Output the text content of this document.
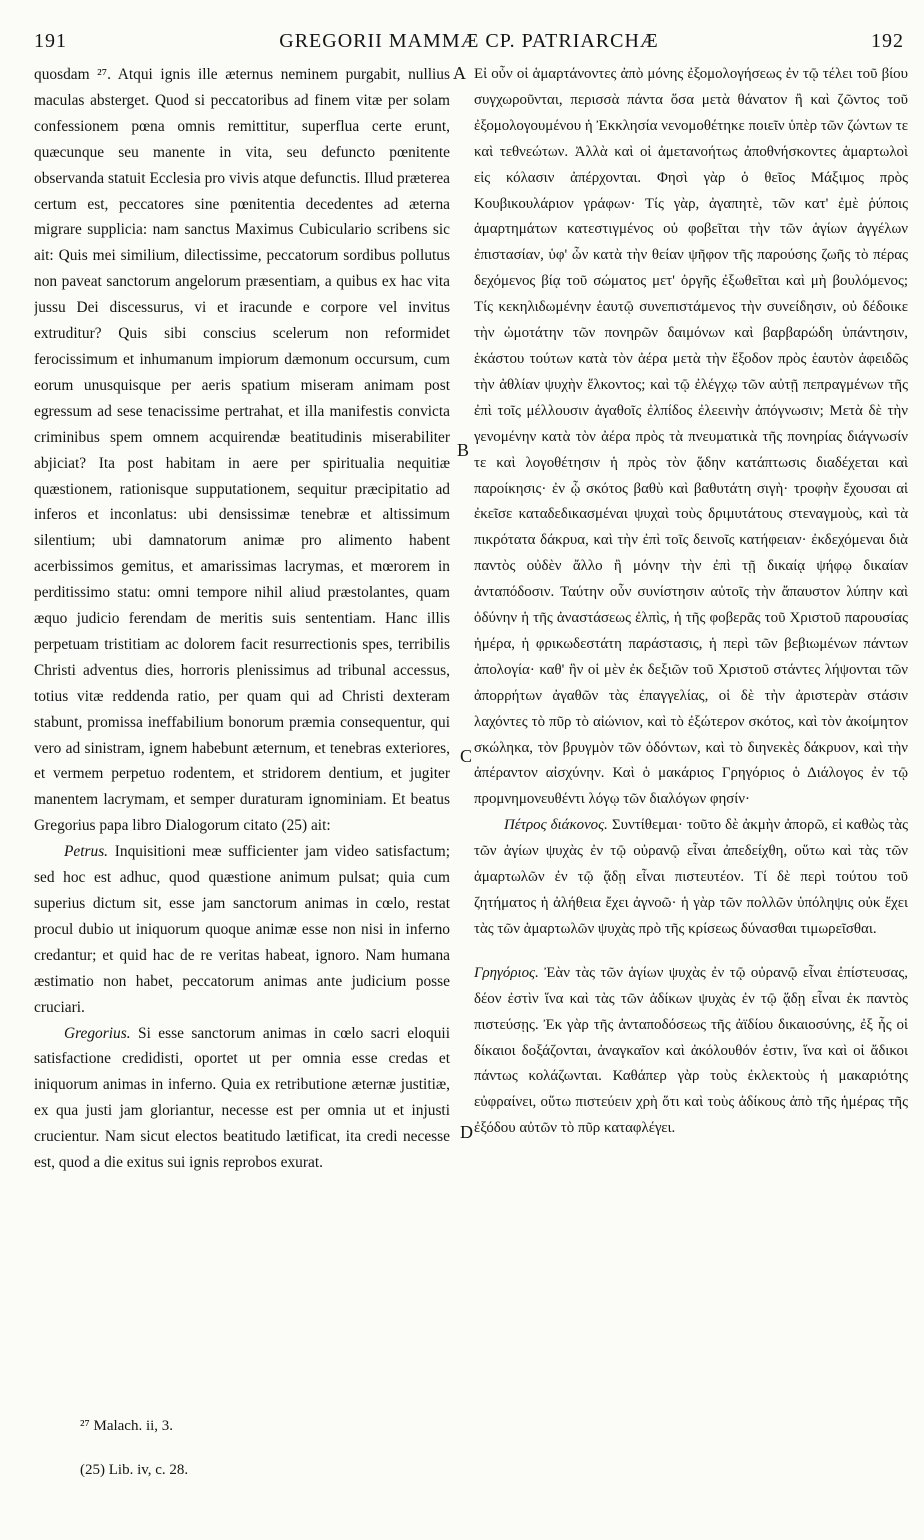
191	GREGORII MAMMÆ CP. PATRIARCHÆ	192

quosdam ²⁷. Atqui ignis ille æternus neminem purgabit, nullius maculas absterget. Quod si peccatoribus ad finem vitæ per solam confessionem pœna omnis remittitur, superflua certe erunt, quæcunque seu manente in vita, seu defuncto pœnitente observanda statuit Ecclesia pro vivis atque defunctis. Illud præterea certum est, peccatores sine pœnitentia decedentes ad æterna migrare supplicia: nam sanctus Maximus Cubiculario scribens sic ait: Quis mei similium, dilectissime, peccatorum sordibus pollutus non paveat sanctorum angelorum præsentiam, a quibus ex hac vita jussu Dei discessurus, vi et iracunde e corpore vel invitus extruditur? Quis sibi conscius scelerum non reformidet ferocissimum et inhumanum impiorum dæmonum occursum, cum eorum unusquisque per aeris spatium miseram animam post egressum ad sese tenacissime pertrahat, et illa manifestis convicta criminibus spem omnem acquirendæ beatitudinis miserabiliter abjiciat? Ita post habitam in aere per spiritualia nequitiæ quæstionem, rationisque supputationem, sequitur præcipitatio ad inferos et inconlatus: ubi densissimæ tenebræ et altissimum silentium; ubi damnatorum animæ pro alimento habent acerbissimos gemitus, et amarissimas lacrymas, et mœrorem in perditissimo statu: omni tempore nihil aliud præstolantes, quam æquo judicio ferendam de meritis suis sententiam. Hanc illis perpetuam tristitiam ac dolorem facit resurrectionis spes, terribilis Christi adventus dies, horroris plenissimus ad tribunal accessus, totius vitæ reddenda ratio, per quam qui ad Christi dexteram stabunt, promissa ineffabilium bonorum præmia consequentur, qui vero ad sinistram, ignem habebunt æternum, et tenebras exteriores, et vermem perpetuo rodentem, et stridorem dentium, et jugiter manentem lacrymam, et semper duraturam ignominiam. Et beatus Gregorius papa libro Dialogorum citato (25) ait:

Petrus. Inquisitioni meæ sufficienter jam video satisfactum; sed hoc est adhuc, quod quæstione animum pulsat; quia cum superius dictum sit, esse jam sanctorum animas in cœlo, restat procul dubio ut iniquorum quoque animæ esse non nisi in inferno credantur; et quid hac de re veritas habeat, ignoro. Nam humana æstimatio non habet, peccatorum animas ante judicium posse cruciari.

Gregorius. Si esse sanctorum animas in cœlo sacri eloquii satisfactione credidisti, oportet ut per omnia esse credas et iniquorum animas in inferno. Quia ex retributione æternæ justitiæ, ex qua justi jam gloriantur, necesse est per omnia ut et injusti crucientur. Nam sicut electos beatitudo lætificat, ita credi necesse est, quod a die exitus sui ignis reprobos exurat.

Εἰ οὖν οἱ ἁμαρτάνοντες ἀπὸ μόνης ἐξομολογήσεως ἐν τῷ τέλει τοῦ βίου συγχωροῦνται, περισσὰ πάντα ὅσα μετὰ θάνατον ἢ καὶ ζῶντος τοῦ ἐξομολογουμένου ἡ Ἐκκλησία νενομοθέτηκε ποιεῖν ὑπὲρ τῶν ζώντων τε καὶ τεθνεώτων. Ἀλλὰ καὶ οἱ ἀμετανοήτως ἀποθνήσκοντες ἁμαρτωλοὶ εἰς κόλασιν ἀπέρχονται. Φησὶ γὰρ ὁ θεῖος Μάξιμος πρὸς Κουβικουλάριον γράφων· Τίς γὰρ, ἀγαπητὲ, τῶν κατ' ἐμὲ ῥύποις ἁμαρτημάτων κατεστιγμένος οὐ φοβεῖται τὴν τῶν ἁγίων ἀγγέλων ἐπιστασίαν, ὑφ' ὧν κατὰ τὴν θείαν ψῆφον τῆς παρούσης ζωῆς τὸ πέρας δεχόμενος βίᾳ τοῦ σώματος μετ' ὀργῆς ἐξωθεῖται καὶ μὴ βουλόμενος; Τίς κεκηλιδωμένην ἑαυτῷ συνεπιστάμενος τὴν συνείδησιν, οὐ δέδοικε τὴν ὠμοτάτην τῶν πονηρῶν δαιμόνων καὶ βαρβαρώδη ὑπάντησιν, ἑκάστου τούτων κατὰ τὸν ἀέρα μετὰ τὴν ἔξοδον πρὸς ἑαυτὸν ἀφειδῶς τὴν ἀθλίαν ψυχὴν ἕλκοντος; καὶ τῷ ἐλέγχῳ τῶν αὐτῇ πεπραγμένων τῆς ἐπὶ τοῖς μέλλουσιν ἀγαθοῖς ἐλπίδος ἐλεεινὴν ἀπόγνωσιν; Μετὰ δὲ τὴν γενομένην κατὰ τὸν ἀέρα πρὸς τὰ πνευματικὰ τῆς πονηρίας διάγνωσίν τε καὶ λογοθέτησιν ἡ πρὸς τὸν ᾅδην κατάπτωσις διαδέχεται καὶ παροίκησις· ἐν ᾧ σκότος βαθὺ καὶ βαθυτάτη σιγὴ· τροφὴν ἔχουσαι αἱ ἐκεῖσε καταδεδικασμέναι ψυχαὶ τοὺς δριμυτάτους στεναγμοὺς, καὶ τὰ πικρότατα δάκρυα, καὶ τὴν ἐπὶ τοῖς δεινοῖς κατήφειαν· ἐκδεχόμεναι διὰ παντὸς οὐδὲν ἄλλο ἢ μόνην τὴν ἐπὶ τῇ δικαίᾳ ψήφῳ δικαίαν ἀνταπόδοσιν. Ταύτην οὖν συνίστησιν αὐτοῖς τὴν ἄπαυστον λύπην καὶ ὀδύνην ἡ τῆς ἀναστάσεως ἐλπὶς, ἡ τῆς φοβερᾶς τοῦ Χριστοῦ παρουσίας ἡμέρα, ἡ φρικωδεστάτη παράστασις, ἡ περὶ τῶν βεβιωμένων πάντων ἀπολογία· καθ' ἣν οἱ μὲν ἐκ δεξιῶν τοῦ Χριστοῦ στάντες λήψονται τῶν ἀπορρήτων ἀγαθῶν τὰς ἐπαγγελίας, οἱ δὲ τὴν ἀριστερὰν στάσιν λαχόντες τὸ πῦρ τὸ αἰώνιον, καὶ τὸ ἐξώτερον σκότος, καὶ τὸν ἀκοίμητον σκώληκα, τὸν βρυγμὸν τῶν ὀδόντων, καὶ τὸ διηνεκὲς δάκρυον, καὶ τὴν ἀπέραντον αἰσχύνην. Καὶ ὁ μακάριος Γρηγόριος ὁ Διάλογος ἐν τῷ προμνημονευθέντι λόγῳ τῶν διαλόγων φησίν·

Πέτρος διάκονος. Συντίθεμαι· τοῦτο δὲ ἀκμὴν ἀπορῶ, εἰ καθὼς τὰς τῶν ἁγίων ψυχὰς ἐν τῷ οὐρανῷ εἶναι ἀπεδείχθη, οὕτω καὶ τὰς τῶν ἁμαρτωλῶν ἐν τῷ ᾅδῃ εἶναι πιστευτέον. Τί δὲ περὶ τούτου τοῦ ζητήματος ἡ ἀλήθεια ἔχει ἀγνοῶ· ἡ γὰρ τῶν πολλῶν ὑπόληψις οὐκ ἔχει τὰς τῶν ἁμαρτωλῶν ψυχὰς πρὸ τῆς κρίσεως δύνασθαι τιμωρεῖσθαι.

Γρηγόριος. Ἐὰν τὰς τῶν ἁγίων ψυχὰς ἐν τῷ οὐρανῷ εἶναι ἐπίστευσας, δέον ἐστὶν ἵνα καὶ τὰς τῶν ἀδίκων ψυχὰς ἐν τῷ ᾅδῃ εἶναι ἐκ παντὸς πιστεύσῃς. Ἐκ γὰρ τῆς ἀνταποδόσεως τῆς ἀϊδίου δικαιοσύνης, ἐξ ἧς οἱ δίκαιοι δοξάζονται, ἀναγκαῖον καὶ ἀκόλουθόν ἐστιν, ἵνα καὶ οἱ ἄδικοι πάντως κολάζωνται. Καθάπερ γὰρ τοὺς ἐκλεκτοὺς ἡ μακαριότης εὐφραίνει, οὕτω πιστεύειν χρὴ ὅτι καὶ τοὺς ἀδίκους ἀπὸ τῆς ἡμέρας τῆς ἐξόδου αὐτῶν τὸ πῦρ καταφλέγει.

A
B
C
D
²⁷ Malach. ii, 3.
(25) Lib. iv, c. 28.
